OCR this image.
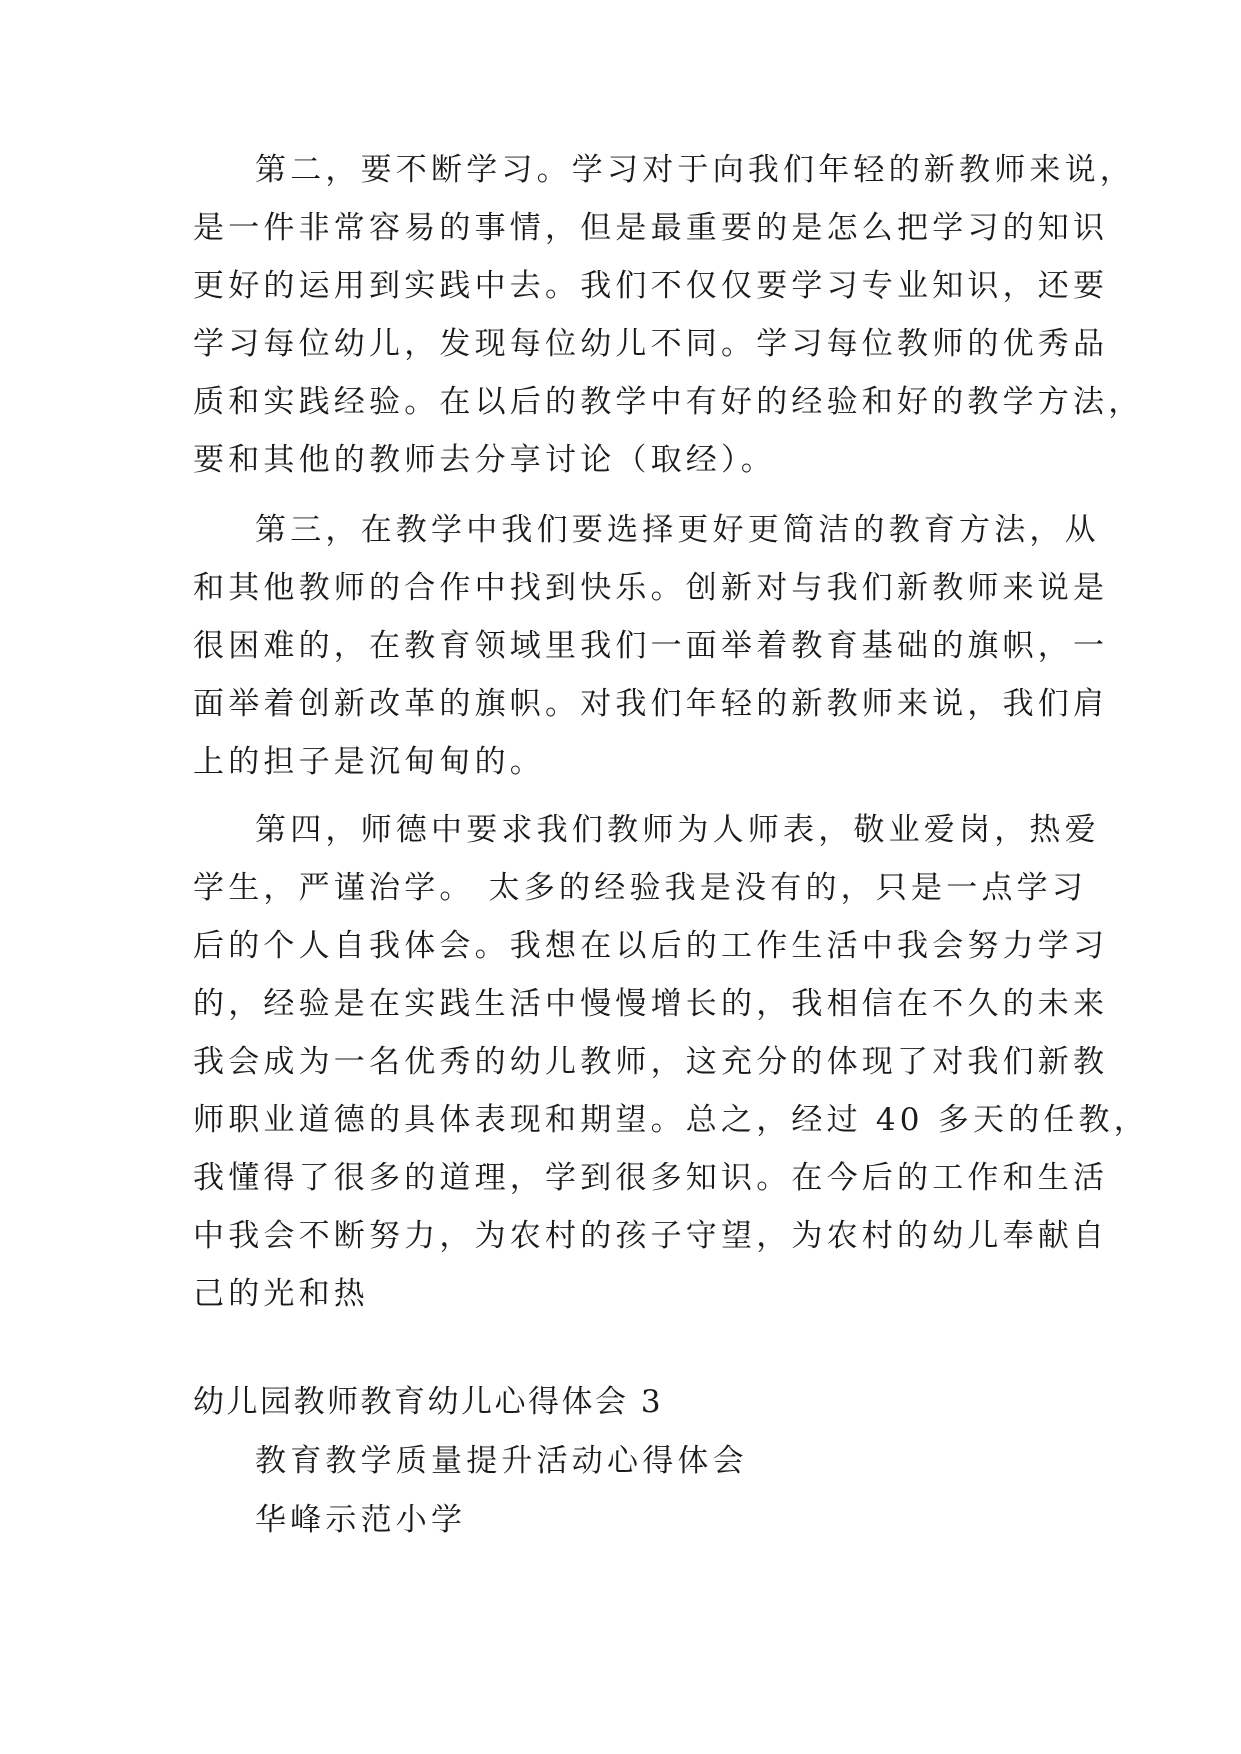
第二，要不断学习。学习对于向我们年轻的新教师来说，
是一件非常容易的事情，但是最重要的是怎么把学习的知识
更好的运用到实践中去。我们不仅仅要学习专业知识，还要
学习每位幼儿，发现每位幼儿不同。学习每位教师的优秀品
质和实践经验。在以后的教学中有好的经验和好的教学方法，
要和其他的教师去分享讨论（取经）。
第三，在教学中我们要选择更好更简洁的教育方法，从
和其他教师的合作中找到快乐。创新对与我们新教师来说是
很困难的，在教育领域里我们一面举着教育基础的旗帜，一
面举着创新改革的旗帜。对我们年轻的新教师来说，我们肩
上的担子是沉甸甸的。
第四，师德中要求我们教师为人师表，敬业爱岗，热爱
学生，严谨治学。 太多的经验我是没有的，只是一点学习
后的个人自我体会。我想在以后的工作生活中我会努力学习
的，经验是在实践生活中慢慢增长的，我相信在不久的未来
我会成为一名优秀的幼儿教师，这充分的体现了对我们新教
师职业道德的具体表现和期望。总之，经过 40 多天的任教，
我懂得了很多的道理，学到很多知识。在今后的工作和生活
中我会不断努力，为农村的孩子守望，为农村的幼儿奉献自
己的光和热
幼儿园教师教育幼儿心得体会 3
教育教学质量提升活动心得体会
华峰示范小学
